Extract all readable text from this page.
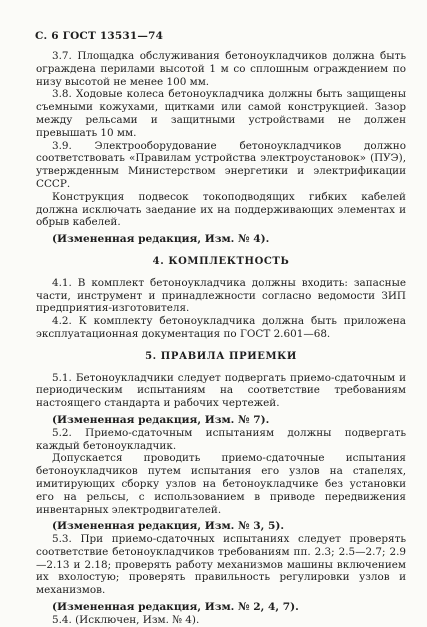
С. 6 ГОСТ 13531—74

3.7. Площадка обслуживания бетоноукладчиков должна быть ограждена перилами высотой 1 м со сплошным ограждением по низу высотой не менее 100 мм.

3.8. Ходовые колеса бетоноукладчика должны быть защищены съемными кожухами, щитками или самой конструкцией. Зазор между рельсами и защитными устройствами не должен превышать 10 мм.

3.9. Электрооборудование бетоноукладчиков должно соответствовать «Правилам устройства электроустановок» (ПУЭ), утвержденным Министерством энергетики и электрификации СССР.

Конструкция подвесок токоподводящих гибких кабелей должна исключать заедание их на поддерживающих элементах и обрыв кабелей.

(Измененная редакция, Изм. № 4).

4. КОМПЛЕКТНОСТЬ

4.1. В комплект бетоноукладчика должны входить: запасные части, инструмент и принадлежности согласно ведомости ЗИП предприятия-изготовителя.

4.2. К комплекту бетоноукладчика должна быть приложена эксплуатационная документация по ГОСТ 2.601—68.

5. ПРАВИЛА ПРИЕМКИ

5.1. Бетоноукладчики следует подвергать приемо-сдаточным и периодическим испытаниям на соответствие требованиям настоящего стандарта и рабочих чертежей.

(Измененная редакция, Изм. № 7).

5.2. Приемо-сдаточным испытаниям должны подвергать каждый бетоноукладчик.

Допускается проводить приемо-сдаточные испытания бетоноукладчиков путем испытания его узлов на стапелях, имитирующих сборку узлов на бетоноукладчике без установки его на рельсы, с использованием в приводе передвижения инвентарных электродвигателей.

(Измененная редакция, Изм. № 3, 5).

5.3. При приемо-сдаточных испытаниях следует проверять соответствие бетоноукладчиков требованиям пп. 2.3; 2.5—2.7; 2.9—2.13 и 2.18; проверять работу механизмов машины включением их вхолостую; проверять правильность регулировки узлов и механизмов.

(Измененная редакция, Изм. № 2, 4, 7).

5.4. (Исключен, Изм. № 4).
